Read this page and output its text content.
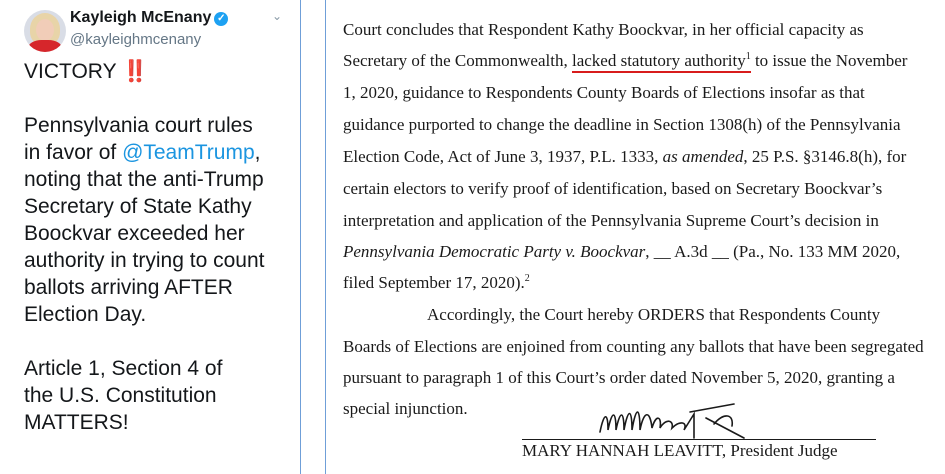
Kayleigh McEnany ✓
@kayleighmcenany
⌄

VICTORY ‼️

Pennsylvania court rules

in favor of @TeamTrump,

noting that the anti-Trump

Secretary of State Kathy

Boockvar exceeded her

authority in trying to count

ballots arriving AFTER

Election Day.

Article 1, Section 4 of

the U.S. Constitution

MATTERS!

Court concludes that Respondent Kathy Boockvar, in her official capacity as
Secretary of the Commonwealth, lacked statutory authority$^1$ to issue the November
1, 2020, guidance to Respondents County Boards of Elections insofar as that
guidance purported to change the deadline in Section 1308(h) of the Pennsylvania
Election Code, Act of June 3, 1937, P.L. 1333, as amended, 25 P.S. §3146.8(h), for
certain electors to verify proof of identification, based on Secretary Boockvar’s
interpretation and application of the Pennsylvania Supreme Court’s decision in
Pennsylvania Democratic Party v. Boockvar, __ A.3d __ (Pa., No. 133 MM 2020,
filed September 17, 2020).$^2$
Accordingly, the Court hereby ORDERS that Respondents County
Boards of Elections are enjoined from counting any ballots that have been segregated
pursuant to paragraph 1 of this Court’s order dated November 5, 2020, granting a
special injunction.
MARY HANNAH LEAVITT, President Judge
